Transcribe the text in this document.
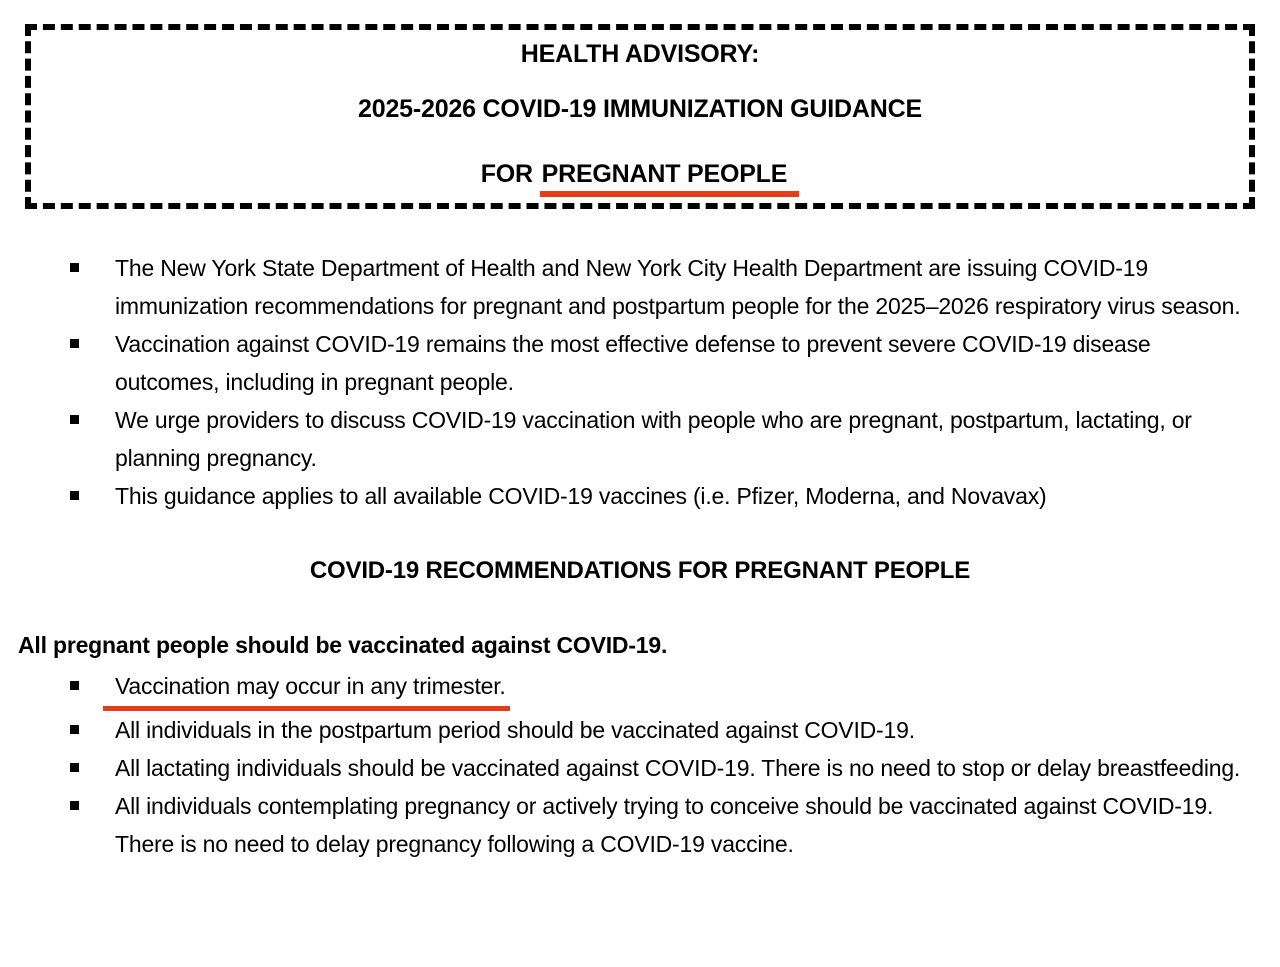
HEALTH ADVISORY:
2025-2026 COVID-19 IMMUNIZATION GUIDANCE
FOR PREGNANT PEOPLE
The New York State Department of Health and New York City Health Department are issuing COVID-19 immunization recommendations for pregnant and postpartum people for the 2025–2026 respiratory virus season.
Vaccination against COVID-19 remains the most effective defense to prevent severe COVID-19 disease outcomes, including in pregnant people.
We urge providers to discuss COVID-19 vaccination with people who are pregnant, postpartum, lactating, or planning pregnancy.
This guidance applies to all available COVID-19 vaccines (i.e. Pfizer, Moderna, and Novavax)
COVID-19 RECOMMENDATIONS FOR PREGNANT PEOPLE
All pregnant people should be vaccinated against COVID-19.
Vaccination may occur in any trimester.
All individuals in the postpartum period should be vaccinated against COVID-19.
All lactating individuals should be vaccinated against COVID-19. There is no need to stop or delay breastfeeding.
All individuals contemplating pregnancy or actively trying to conceive should be vaccinated against COVID-19. There is no need to delay pregnancy following a COVID-19 vaccine.
